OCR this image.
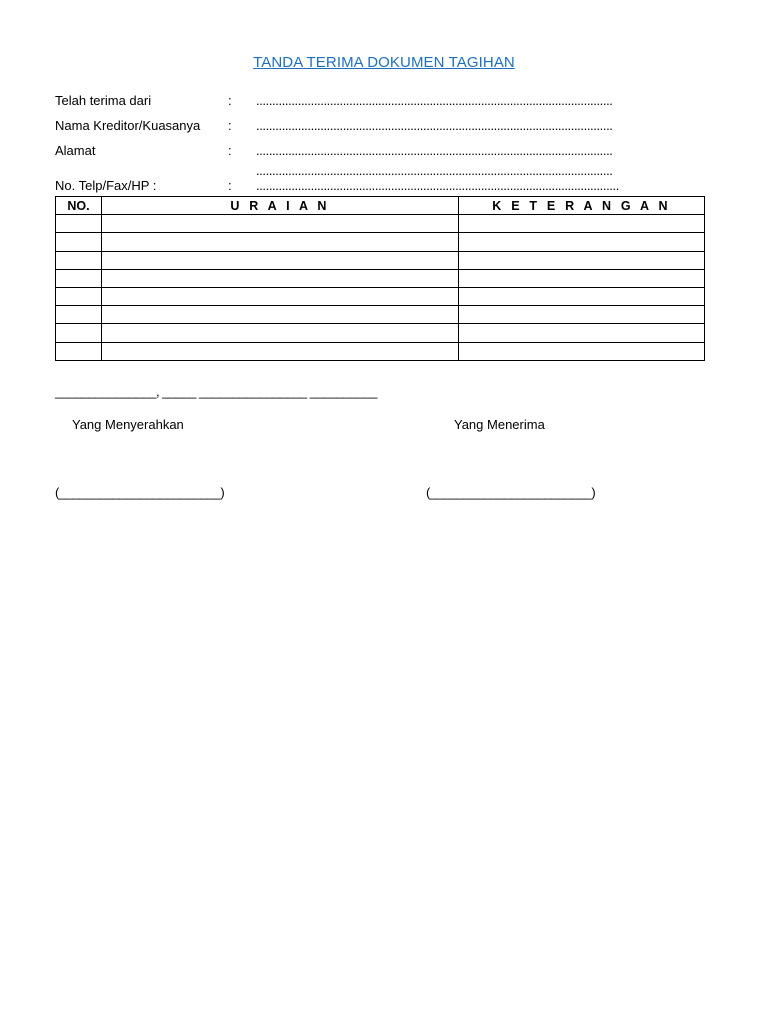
TANDA TERIMA DOKUMEN TAGIHAN
Telah terima dari	: ...............................................................................................................
Nama Kreditor/Kuasanya : ...............................................................................................................
Alamat	: ...............................................................................................................
...............................................................................................................
No. Telp/Fax/HP :	: .................................................................................................................
NO.	U R A I A N	K E T E R A N G A N

_______________, _____ ________________ __________
Yang Menyerahkan	Yang Menerima
(________________________)	(________________________)
